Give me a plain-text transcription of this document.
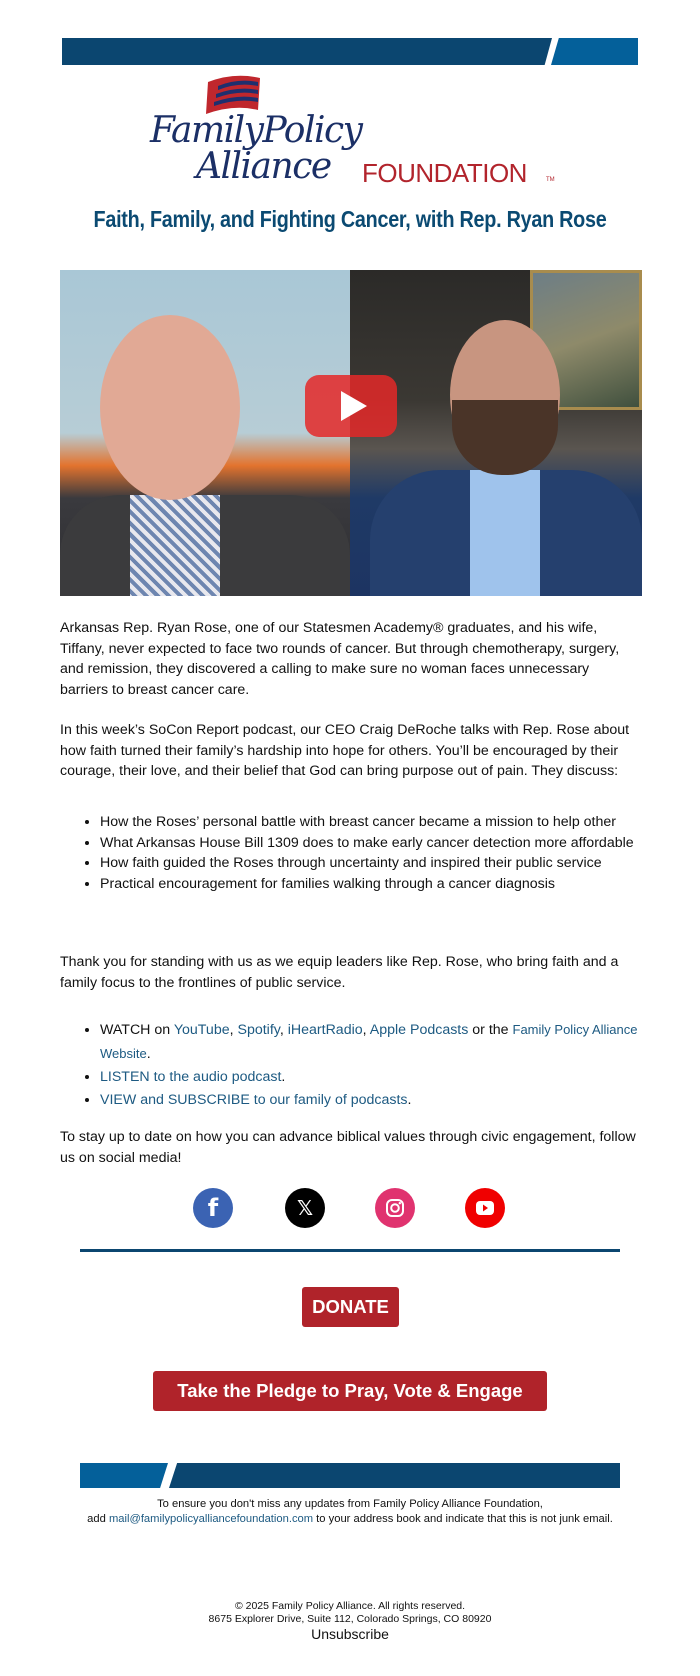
FamilyPolicy
Alliance FOUNDATION	TM
Faith, Family, and Fighting Cancer, with Rep. Ryan Rose

Arkansas Rep. Ryan Rose, one of our Statesmen Academy® graduates, and his wife, Tiffany, never expected to face two rounds of cancer. But through chemotherapy, surgery, and remission, they discovered a calling to make sure no woman faces unnecessary barriers to breast cancer care.

In this week’s SoCon Report podcast, our CEO Craig DeRoche talks with Rep. Rose about how faith turned their family’s hardship into hope for others. You’ll be encouraged by their courage, their love, and their belief that God can bring purpose out of pain. They discuss:

• How the Roses’ personal battle with breast cancer became a mission to help other
• What Arkansas House Bill 1309 does to make early cancer detection more affordable
• How faith guided the Roses through uncertainty and inspired their public service
• Practical encouragement for families walking through a cancer diagnosis

Thank you for standing with us as we equip leaders like Rep. Rose, who bring faith and a family focus to the frontlines of public service.

• WATCH on YouTube, Spotify, iHeartRadio, Apple Podcasts or the Family Policy Alliance Website.
• LISTEN to the audio podcast.
• VIEW and SUBSCRIBE to our family of podcasts.

To stay up to date on how you can advance biblical values through civic engagement, follow us on social media!

f	𝕏
DONATE
Take the Pledge to Pray, Vote & Engage
To ensure you don't miss any updates from Family Policy Alliance Foundation,
add mail@familypolicyalliancefoundation.com to your address book and indicate that this is not junk email.
© 2025 Family Policy Alliance. All rights reserved.
8675 Explorer Drive, Suite 112, Colorado Springs, CO 80920
Unsubscribe
